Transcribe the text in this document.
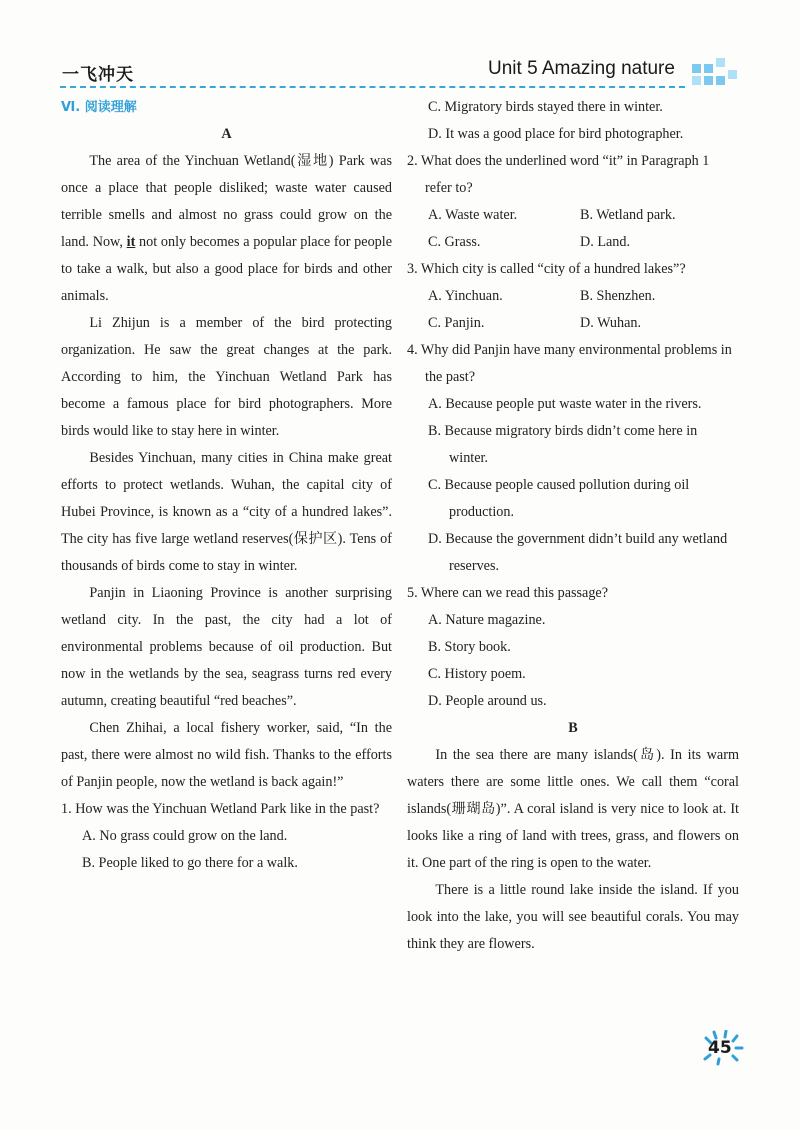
一飞冲天	Unit 5 Amazing nature
Ⅵ. 阅读理解
A

The area of the Yinchuan Wetland(湿地) Park was once a place that people disliked; waste water caused terrible smells and almost no grass could grow on the land. Now, it not only becomes a popular place for people to take a walk, but also a good place for birds and other animals.

Li Zhijun is a member of the bird protecting organization. He saw the great changes at the park. According to him, the Yinchuan Wetland Park has become a famous place for bird photographers. More birds would like to stay here in winter.

Besides Yinchuan, many cities in China make great efforts to protect wetlands. Wuhan, the capital city of Hubei Province, is known as a “city of a hundred lakes”. The city has five large wetland reserves(保护区). Tens of thousands of birds come to stay in winter.

Panjin in Liaoning Province is another surprising wetland city. In the past, the city had a lot of environmental problems because of oil production. But now in the wetlands by the sea, seagrass turns red every autumn, creating beautiful “red beaches”.

Chen Zhihai, a local fishery worker, said, “In the past, there were almost no wild fish. Thanks to the efforts of Panjin people, now the wetland is back again!”

1. How was the Yinchuan Wetland Park like in the past?

A. No grass could grow on the land.

B. People liked to go there for a walk.

C. Migratory birds stayed there in winter.

D. It was a good place for bird photographer.

2. What does the underlined word “it” in Paragraph 1 refer to?

A. Waste water.	B. Wetland park.
C. Grass.	D. Land.

3. Which city is called “city of a hundred lakes”?

A. Yinchuan.	B. Shenzhen.
C. Panjin.	D. Wuhan.

4. Why did Panjin have many environmental problems in the past?

A. Because people put waste water in the rivers.

B. Because migratory birds didn’t come here in winter.

C. Because people caused pollution during oil production.

D. Because the government didn’t build any wetland reserves.

5. Where can we read this passage?

A. Nature magazine.

B. Story book.

C. History poem.

D. People around us.

B

In the sea there are many islands(岛). In its warm waters there are some little ones. We call them “coral islands(珊瑚岛)”. A coral island is very nice to look at. It looks like a ring of land with trees, grass, and flowers on it. One part of the ring is open to the water.

There is a little round lake inside the island. If you look into the lake, you will see beautiful corals. You may think they are flowers.

45
